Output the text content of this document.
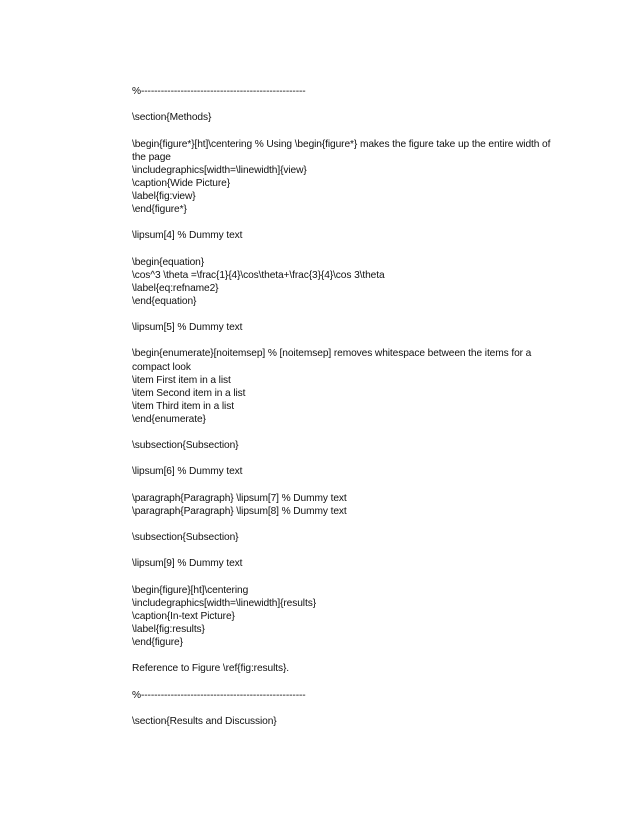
%--------------------------------------------------
\section{Methods}
\begin{figure*}[ht]\centering % Using \begin{figure*} makes the figure take up the entire width of the page
\includegraphics[width=\linewidth]{view}
\caption{Wide Picture}
\label{fig:view}
\end{figure*}
\lipsum[4] % Dummy text
\begin{equation}
\cos^3 \theta =\frac{1}{4}\cos\theta+\frac{3}{4}\cos 3\theta
\label{eq:refname2}
\end{equation}
\lipsum[5] % Dummy text
\begin{enumerate}[noitemsep] % [noitemsep] removes whitespace between the items for a compact look
\item First item in a list
\item Second item in a list
\item Third item in a list
\end{enumerate}
\subsection{Subsection}
\lipsum[6] % Dummy text
\paragraph{Paragraph} \lipsum[7] % Dummy text
\paragraph{Paragraph} \lipsum[8] % Dummy text
\subsection{Subsection}
\lipsum[9] % Dummy text
\begin{figure}[ht]\centering
\includegraphics[width=\linewidth]{results}
\caption{In-text Picture}
\label{fig:results}
\end{figure}
Reference to Figure \ref{fig:results}.
%--------------------------------------------------
\section{Results and Discussion}
